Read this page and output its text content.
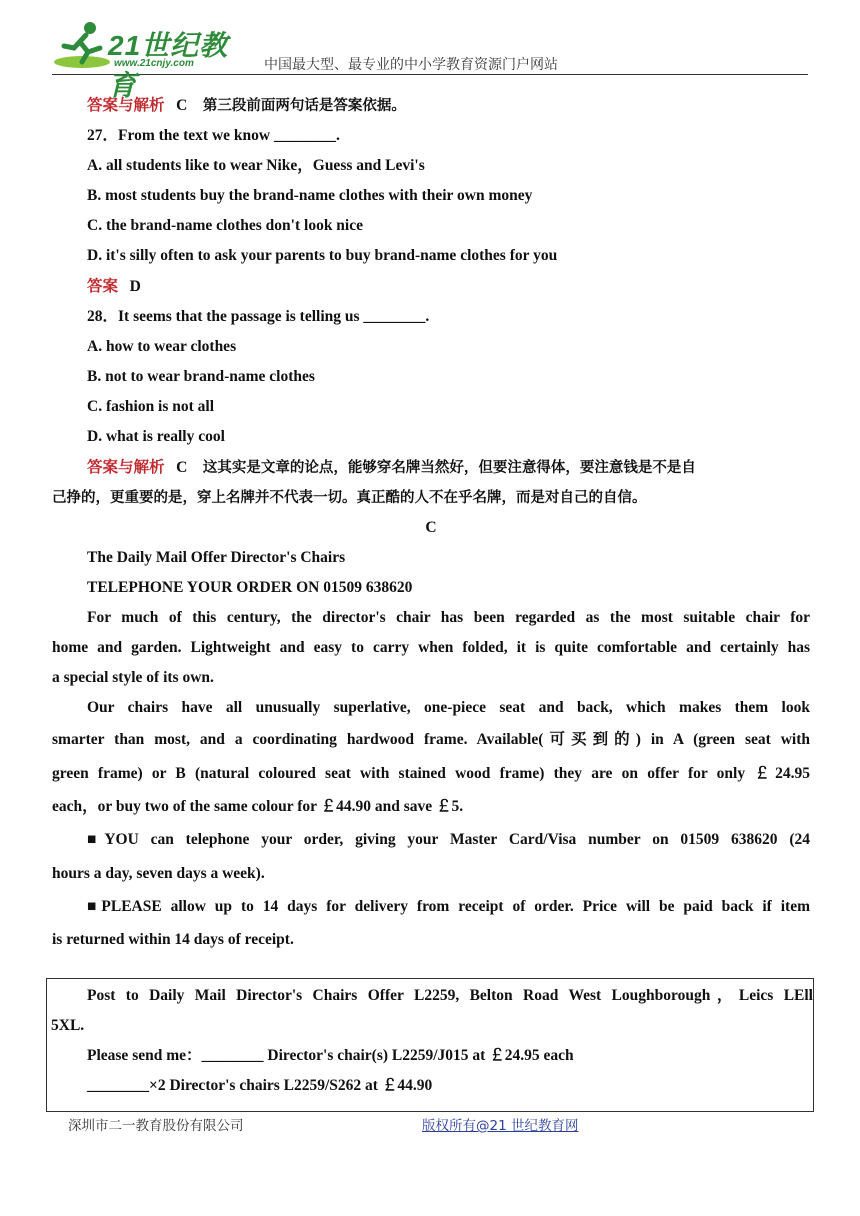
21世纪教育
www.21cnjy.com	中国最大型、最专业的中小学教育资源门户网站

答案与解析 C 第三段前面两句话是答案依据。

27．From the text we know ________.

A. all students like to wear Nike，Guess and Levi's

B. most students buy the brand-name clothes with their own money

C. the brand-name clothes don't look nice

D. it's silly often to ask your parents to buy brand-name clothes for you

答案 D

28．It seems that the passage is telling us ________.

A. how to wear clothes

B. not to wear brand-name clothes

C. fashion is not all

D. what is really cool

答案与解析 C 这其实是文章的论点，能够穿名牌当然好，但要注意得体，要注意钱是不是自

己挣的，更重要的是，穿上名牌并不代表一切。真正酷的人不在乎名牌，而是对自己的自信。

C

The Daily Mail Offer Director's Chairs

TELEPHONE YOUR ORDER ON 01509 638620

For much of this century, the director's chair has been regarded as the most suitable chair for

home and garden. Lightweight and easy to carry when folded, it is quite comfortable and certainly has

a special style of its own.

Our chairs have all unusually superlative, one-piece seat and back, which makes them look

smarter than most, and a coordinating hardwood frame. Available(可买到的) in A (green seat with

green frame) or B (natural coloured seat with stained wood frame) they are on offer for only ￡24.95

each，or buy two of the same colour for ￡44.90 and save ￡5.

■YOU can telephone your order, giving your Master Card/Visa number on 01509 638620 (24

hours a day, seven days a week).

■PLEASE allow up to 14 days for delivery from receipt of order. Price will be paid back if item

is returned within 14 days of receipt.

Post to Daily Mail Director's Chairs Offer L2259, Belton Road West Loughborough，Leics LEll

5XL.

Please send me：________ Director's chair(s) L2259/J015 at ￡24.95 each

________×2 Director's chairs L2259/S262 at ￡44.90

深圳市二一教育股份有限公司	版权所有@21 世纪教育网
